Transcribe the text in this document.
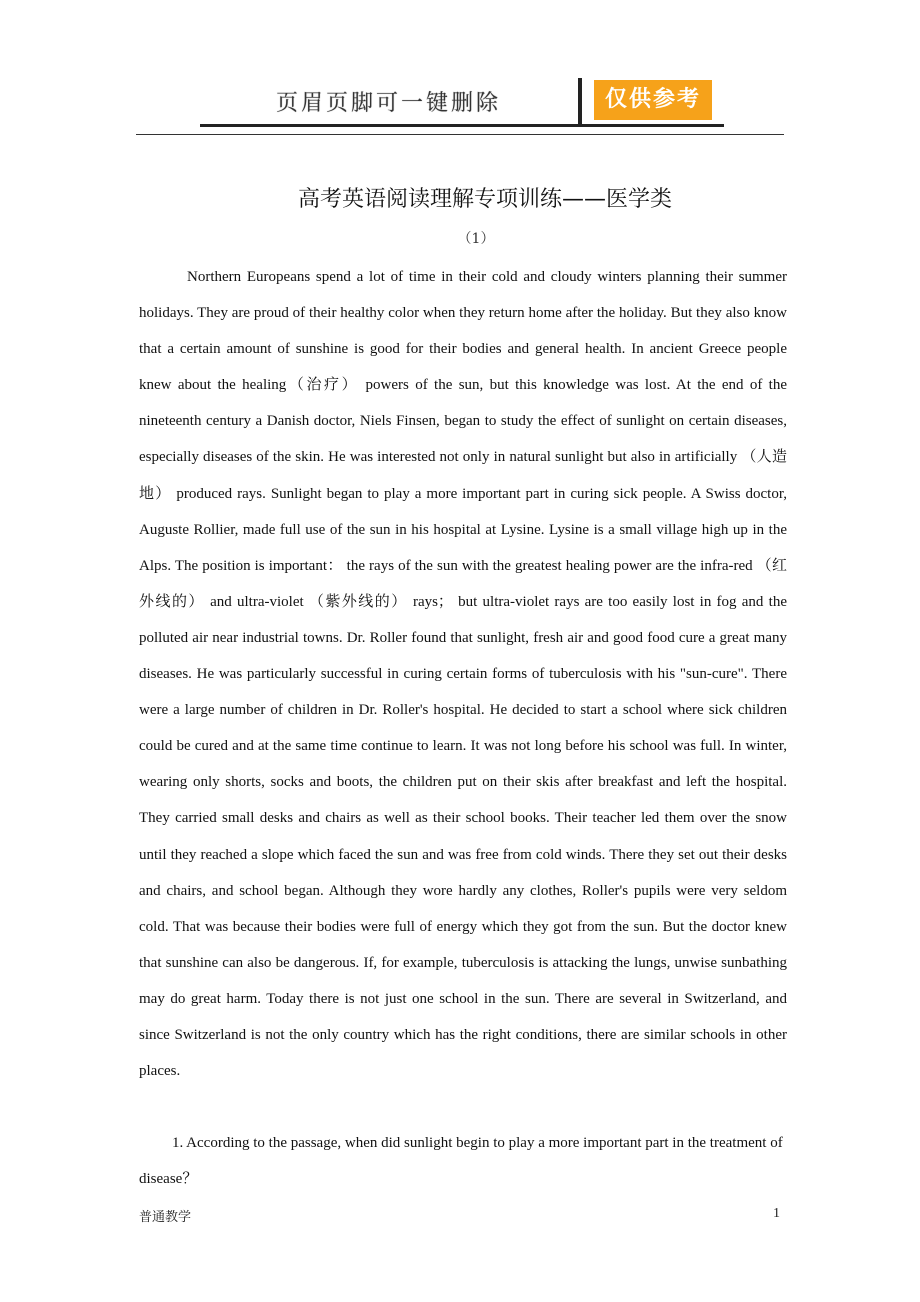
页眉页脚可一键删除	仅供参考
高考英语阅读理解专项训练——医学类
（1）

Northern Europeans spend a lot of time in their cold and cloudy winters planning their summer holidays. They are proud of their healthy color when they return home after the holiday. But they also know that a certain amount of sunshine is good for their bodies and general health. In ancient Greece people knew about the healing（治疗） powers of the sun, but this knowledge was lost. At the end of the nineteenth century a Danish doctor, Niels Finsen, began to study the effect of sunlight on certain diseases, especially diseases of the skin. He was interested not only in natural sunlight but also in artificially （人造地） produced rays. Sunlight began to play a more important part in curing sick people. A Swiss doctor, Auguste Rollier, made full use of the sun in his hospital at Lysine. Lysine is a small village high up in the Alps. The position is important： the rays of the sun with the greatest healing power are the infra-red （红外线的） and ultra-violet （紫外线的） rays； but ultra-violet rays are too easily lost in fog and the polluted air near industrial towns. Dr. Roller found that sunlight, fresh air and good food cure a great many diseases. He was particularly successful in curing certain forms of tuberculosis with his "sun-cure". There were a large number of children in Dr. Roller's hospital. He decided to start a school where sick children could be cured and at the same time continue to learn. It was not long before his school was full. In winter, wearing only shorts, socks and boots, the children put on their skis after breakfast and left the hospital. They carried small desks and chairs as well as their school books. Their teacher led them over the snow until they reached a slope which faced the sun and was free from cold winds. There they set out their desks and chairs, and school began. Although they wore hardly any clothes, Roller's pupils were very seldom cold. That was because their bodies were full of energy which they got from the sun. But the doctor knew that sunshine can also be dangerous. If, for example, tuberculosis is attacking the lungs, unwise sunbathing may do great harm. Today there is not just one school in the sun. There are several in Switzerland, and since Switzerland is not the only country which has the right conditions, there are similar schools in other places.

1. According to the passage, when did sunlight begin to play a more important part in the treatment of disease？

普通教学	1
